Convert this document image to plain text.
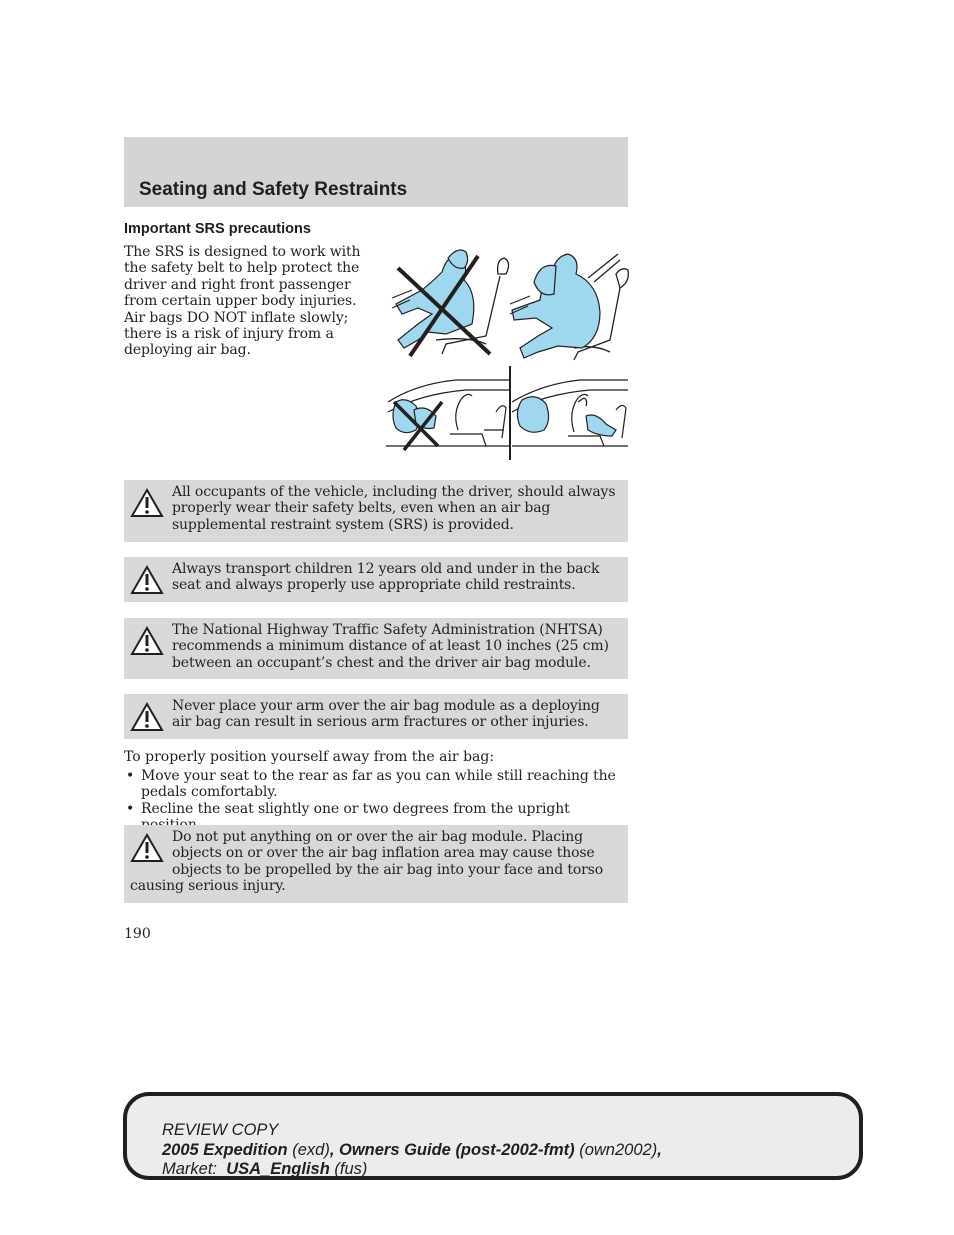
Seating and Safety Restraints
Important SRS precautions

The SRS is designed to work with the safety belt to help protect the driver and right front passenger from certain upper body injuries. Air bags DO NOT inflate slowly; there is a risk of injury from a deploying air bag.

All occupants of the vehicle, including the driver, should always properly wear their safety belts, even when an air bag supplemental restraint system (SRS) is provided.

Always transport children 12 years old and under in the back seat and always properly use appropriate child restraints.

The National Highway Traffic Safety Administration (NHTSA) recommends a minimum distance of at least 10 inches (25 cm) between an occupant’s chest and the driver air bag module.

Never place your arm over the air bag module as a deploying air bag can result in serious arm fractures or other injuries.

To properly position yourself away from the air bag:

• Move your seat to the rear as far as you can while still reaching the pedals comfortably.
• Recline the seat slightly one or two degrees from the upright

Do not put anything on or over the air bag module. Placing objects on or over the air bag inflation area may cause those objects to be propelled by the air bag into your face and torso causing serious injury.

190

REVIEW COPY
2005 Expedition (exd), Owners Guide (post-2002-fmt) (own2002),
Market: USA_English (fus)
